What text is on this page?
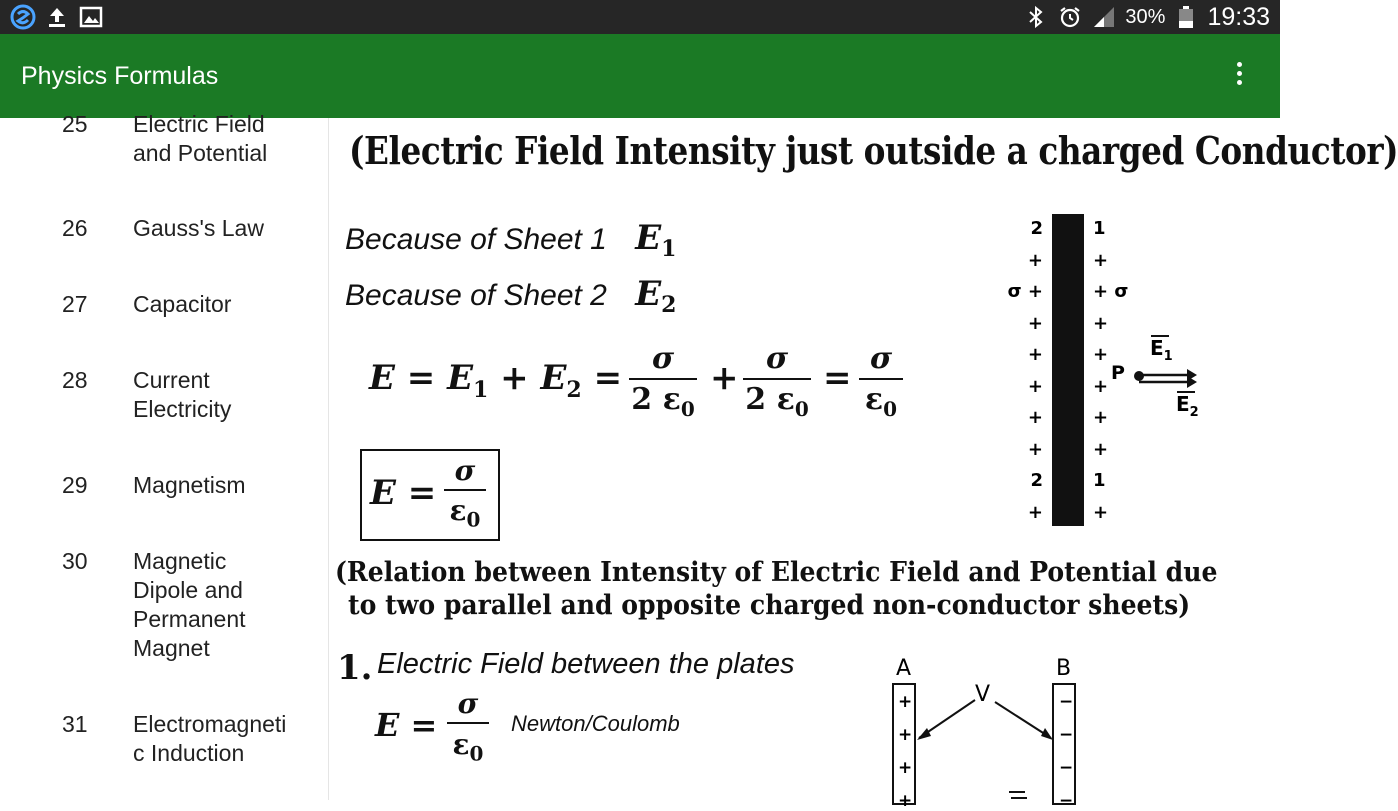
30% 19:33
Physics Formulas
25 Electric Field and Potential
26 Gauss's Law
27 Capacitor
28 Current Electricity
29 Magnetism
30 Magnetic Dipole and Permanent Magnet
31 Electromagnetic Induction
(Electric Field Intensity just outside a charged Conductor)
Because of Sheet 1 $E_1$
Because of Sheet 2 $E_2$
$E = E_1 + E_2 = \sigma$
2 $\varepsilon_0$
+ σ
2 $\varepsilon_0$
= σ
$\varepsilon_0$
E =
σ
$\varepsilon_0$
2
+
σ +
+
+
+
+
+
2
+
1
+
+ σ
+
+
+
+
+
1
+
P
$E_1$
$E_2$
(Relation between Intensity of Electric Field and Potential due
to two parallel and opposite charged non-conductor sheets)
1. Electric Field between the plates
E =
σ
$\varepsilon_0$
Newton/Coulomb
A	B
V
+
+
+
+
−
−
−
−
